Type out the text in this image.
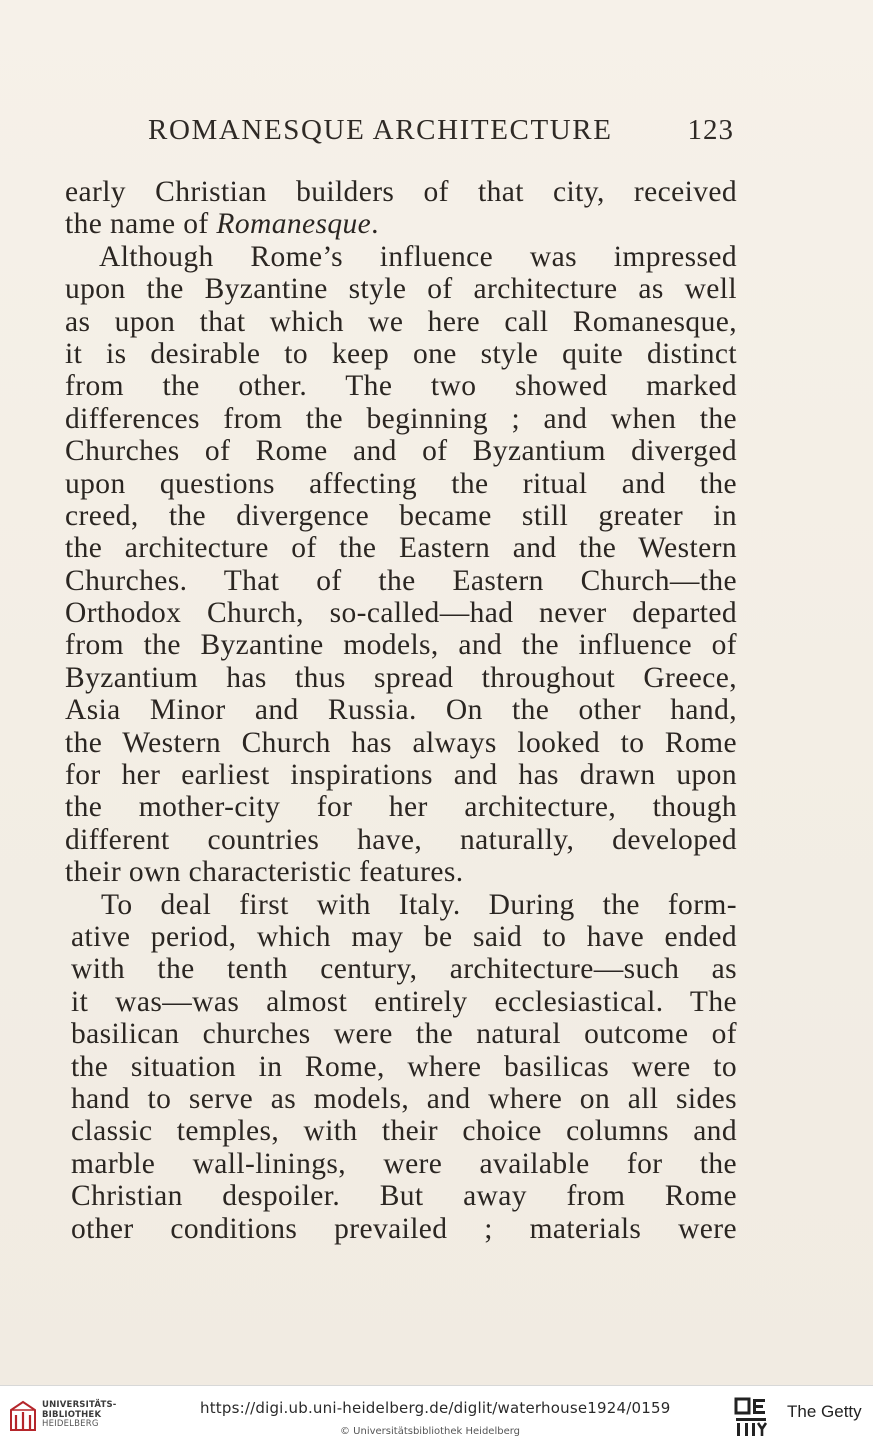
ROMANESQUE ARCHITECTURE	123
early Christian builders of that city, received
the name of Romanesque.
Although Rome’s influence was impressed
upon the Byzantine style of architecture as well
as upon that which we here call Romanesque,
it is desirable to keep one style quite distinct
from the other. The two showed marked
differences from the beginning ; and when the
Churches of Rome and of Byzantium diverged
upon questions affecting the ritual and the
creed, the divergence became still greater in
the architecture of the Eastern and the Western
Churches. That of the Eastern Church—the
Orthodox Church, so-called—had never departed
from the Byzantine models, and the influence of
Byzantium has thus spread throughout Greece,
Asia Minor and Russia. On the other hand,
the Western Church has always looked to Rome
for her earliest inspirations and has drawn upon
the mother-city for her architecture, though
different countries have, naturally, developed
their own characteristic features.
To deal first with Italy. During the form-
ative period, which may be said to have ended
with the tenth century, architecture—such as
it was—was almost entirely ecclesiastical. The
basilican churches were the natural outcome of
the situation in Rome, where basilicas were to
hand to serve as models, and where on all sides
classic temples, with their choice columns and
marble wall-linings, were available for the
Christian despoiler. But away from Rome
other conditions prevailed ; materials were
UNIVERSITÄTS-
BIBLIOTHEK
HEIDELBERG
https://digi.ub.uni-heidelberg.de/diglit/waterhouse1924/0159
© Universitätsbibliothek Heidelberg
The Getty
